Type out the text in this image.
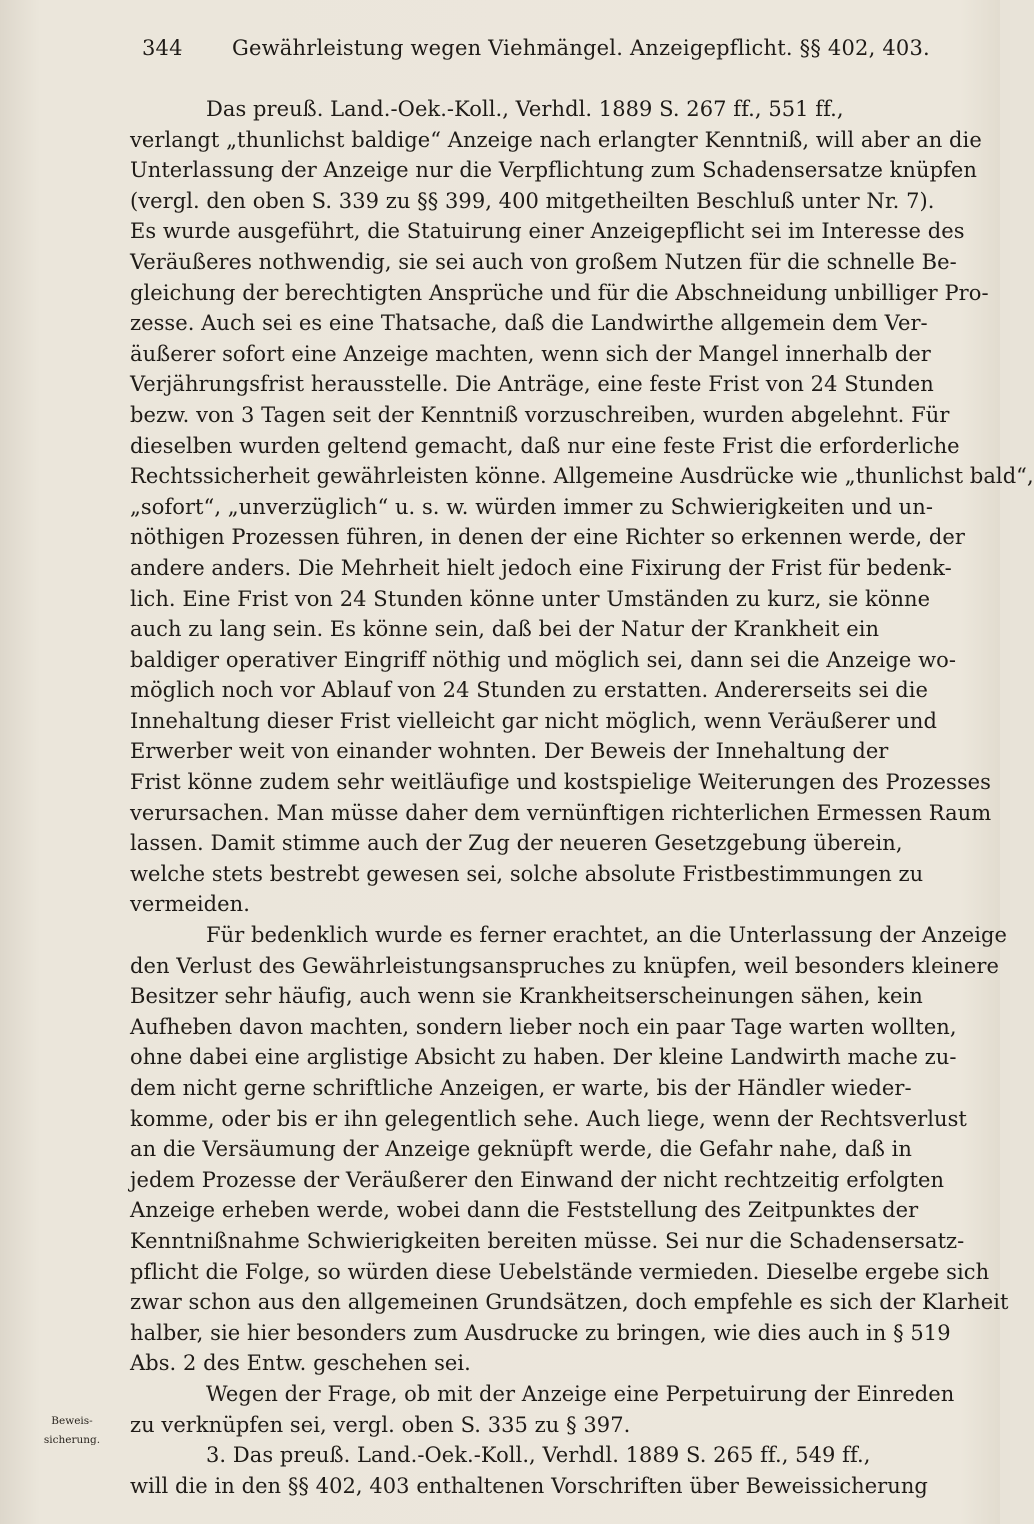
344 Gewährleistung wegen Viehmängel. Anzeigepflicht. §§ 402, 403.
Beweis-
sicherung.
Das preuß. Land.-Oek.-Koll., Verhdl. 1889 S. 267 ff., 551 ff.,
verlangt „thunlichst baldige“ Anzeige nach erlangter Kenntniß, will aber an die
Unterlassung der Anzeige nur die Verpflichtung zum Schadensersatze knüpfen
(vergl. den oben S. 339 zu §§ 399, 400 mitgetheilten Beschluß unter Nr. 7).
Es wurde ausgeführt, die Statuirung einer Anzeigepflicht sei im Interesse des
Veräußeres nothwendig, sie sei auch von großem Nutzen für die schnelle Be-
gleichung der berechtigten Ansprüche und für die Abschneidung unbilliger Pro-
zesse. Auch sei es eine Thatsache, daß die Landwirthe allgemein dem Ver-
äußerer sofort eine Anzeige machten, wenn sich der Mangel innerhalb der
Verjährungsfrist herausstelle. Die Anträge, eine feste Frist von 24 Stunden
bezw. von 3 Tagen seit der Kenntniß vorzuschreiben, wurden abgelehnt. Für
dieselben wurden geltend gemacht, daß nur eine feste Frist die erforderliche
Rechtssicherheit gewährleisten könne. Allgemeine Ausdrücke wie „thunlichst bald“,
„sofort“, „unverzüglich“ u. s. w. würden immer zu Schwierigkeiten und un-
nöthigen Prozessen führen, in denen der eine Richter so erkennen werde, der
andere anders. Die Mehrheit hielt jedoch eine Fixirung der Frist für bedenk-
lich. Eine Frist von 24 Stunden könne unter Umständen zu kurz, sie könne
auch zu lang sein. Es könne sein, daß bei der Natur der Krankheit ein
baldiger operativer Eingriff nöthig und möglich sei, dann sei die Anzeige wo-
möglich noch vor Ablauf von 24 Stunden zu erstatten. Andererseits sei die
Innehaltung dieser Frist vielleicht gar nicht möglich, wenn Veräußerer und
Erwerber weit von einander wohnten. Der Beweis der Innehaltung der
Frist könne zudem sehr weitläufige und kostspielige Weiterungen des Prozesses
verursachen. Man müsse daher dem vernünftigen richterlichen Ermessen Raum
lassen. Damit stimme auch der Zug der neueren Gesetzgebung überein,
welche stets bestrebt gewesen sei, solche absolute Fristbestimmungen zu
vermeiden.
Für bedenklich wurde es ferner erachtet, an die Unterlassung der Anzeige
den Verlust des Gewährleistungsanspruches zu knüpfen, weil besonders kleinere
Besitzer sehr häufig, auch wenn sie Krankheitserscheinungen sähen, kein
Aufheben davon machten, sondern lieber noch ein paar Tage warten wollten,
ohne dabei eine arglistige Absicht zu haben. Der kleine Landwirth mache zu-
dem nicht gerne schriftliche Anzeigen, er warte, bis der Händler wieder-
komme, oder bis er ihn gelegentlich sehe. Auch liege, wenn der Rechtsverlust
an die Versäumung der Anzeige geknüpft werde, die Gefahr nahe, daß in
jedem Prozesse der Veräußerer den Einwand der nicht rechtzeitig erfolgten
Anzeige erheben werde, wobei dann die Feststellung des Zeitpunktes der
Kenntnißnahme Schwierigkeiten bereiten müsse. Sei nur die Schadensersatz-
pflicht die Folge, so würden diese Uebelstände vermieden. Dieselbe ergebe sich
zwar schon aus den allgemeinen Grundsätzen, doch empfehle es sich der Klarheit
halber, sie hier besonders zum Ausdrucke zu bringen, wie dies auch in § 519
Abs. 2 des Entw. geschehen sei.
Wegen der Frage, ob mit der Anzeige eine Perpetuirung der Einreden
zu verknüpfen sei, vergl. oben S. 335 zu § 397.
3. Das preuß. Land.-Oek.-Koll., Verhdl. 1889 S. 265 ff., 549 ff.,
will die in den §§ 402, 403 enthaltenen Vorschriften über Beweissicherung
